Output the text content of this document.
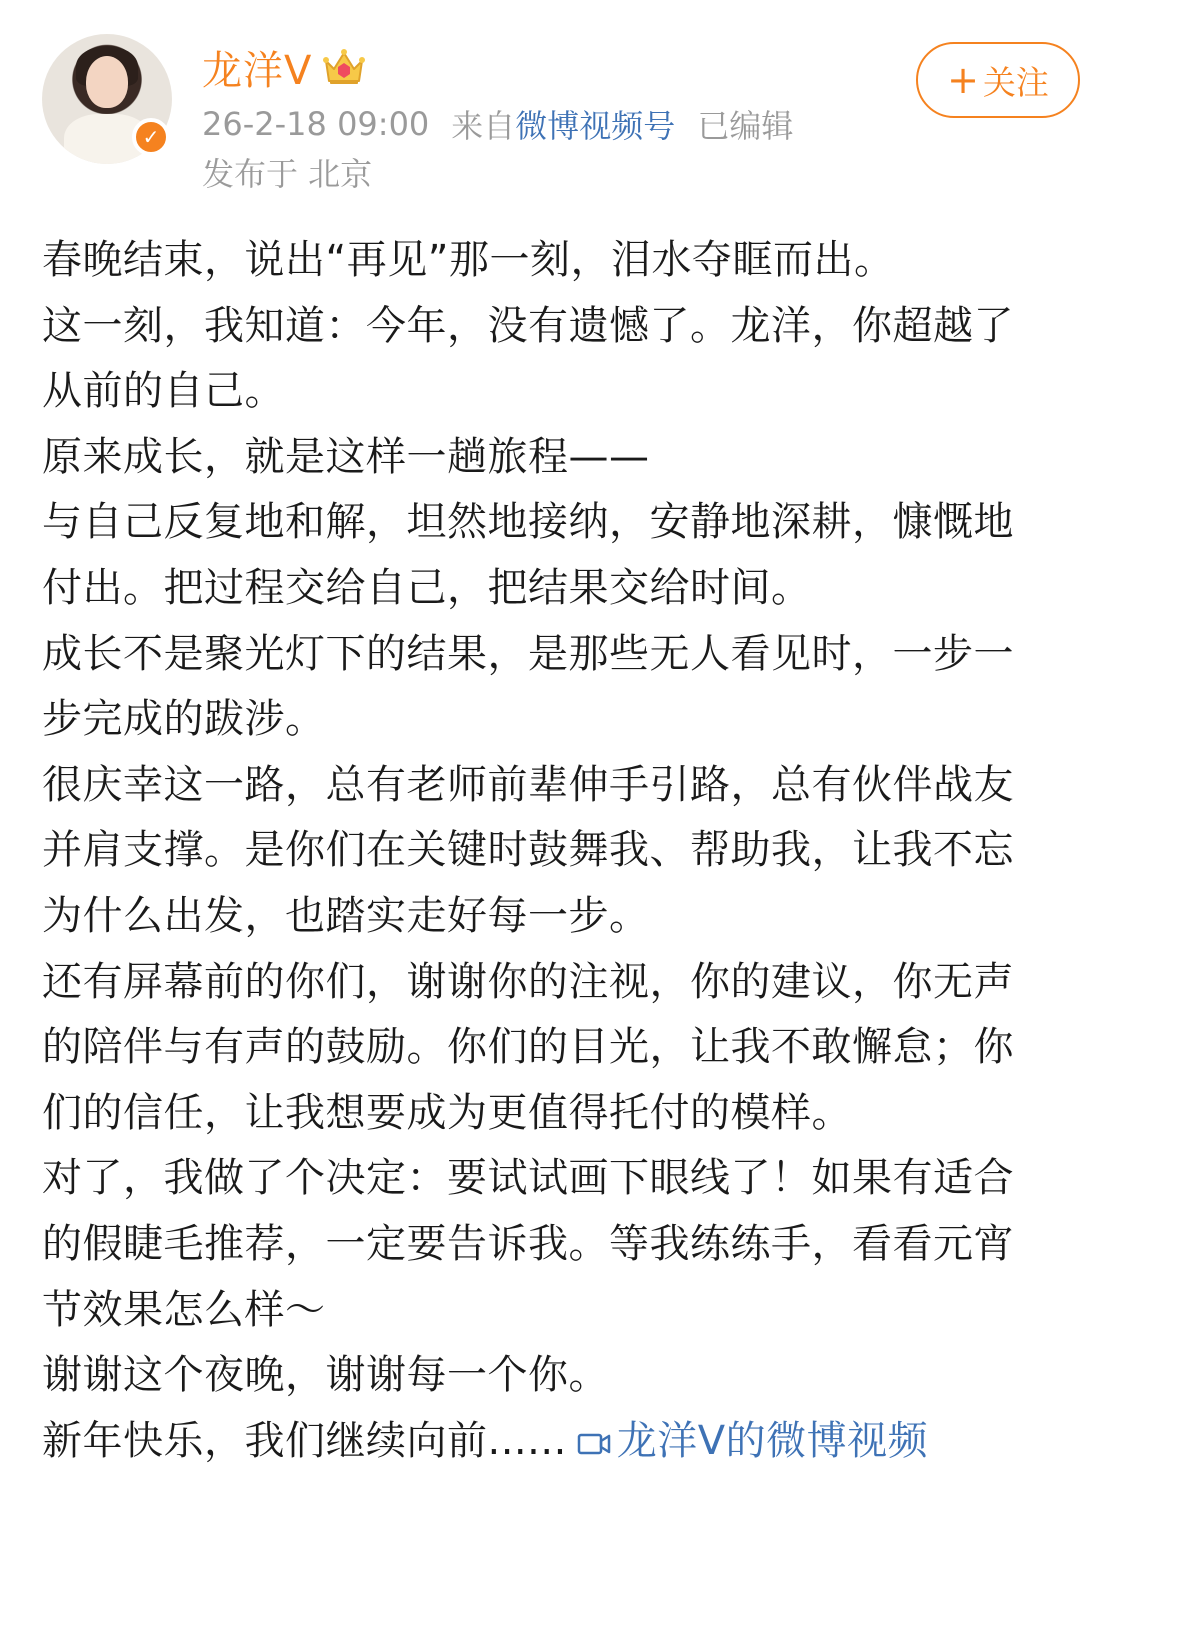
✓
龙洋V
26-2-18 09:00 来自 微博视频号 已编辑
发布于 北京
+ 关注

春晚结束，说出“再见”那一刻，泪水夺眶而出。

这一刻，我知道：今年，没有遗憾了。龙洋，你超越了从前的自己。

原来成长，就是这样一趟旅程——

与自己反复地和解，坦然地接纳，安静地深耕，慷慨地付出。把过程交给自己，把结果交给时间。

成长不是聚光灯下的结果，是那些无人看见时，一步一步完成的跋涉。

很庆幸这一路，总有老师前辈伸手引路，总有伙伴战友并肩支撑。是你们在关键时鼓舞我、帮助我，让我不忘为什么出发，也踏实走好每一步。

还有屏幕前的你们，谢谢你的注视，你的建议，你无声的陪伴与有声的鼓励。你们的目光，让我不敢懈怠；你们的信任，让我想要成为更值得托付的模样。

对了，我做了个决定：要试试画下眼线了！如果有适合的假睫毛推荐，一定要告诉我。等我练练手，看看元宵节效果怎么样～

谢谢这个夜晚，谢谢每一个你。

新年快乐，我们继续向前...... 龙洋V的微博视频
